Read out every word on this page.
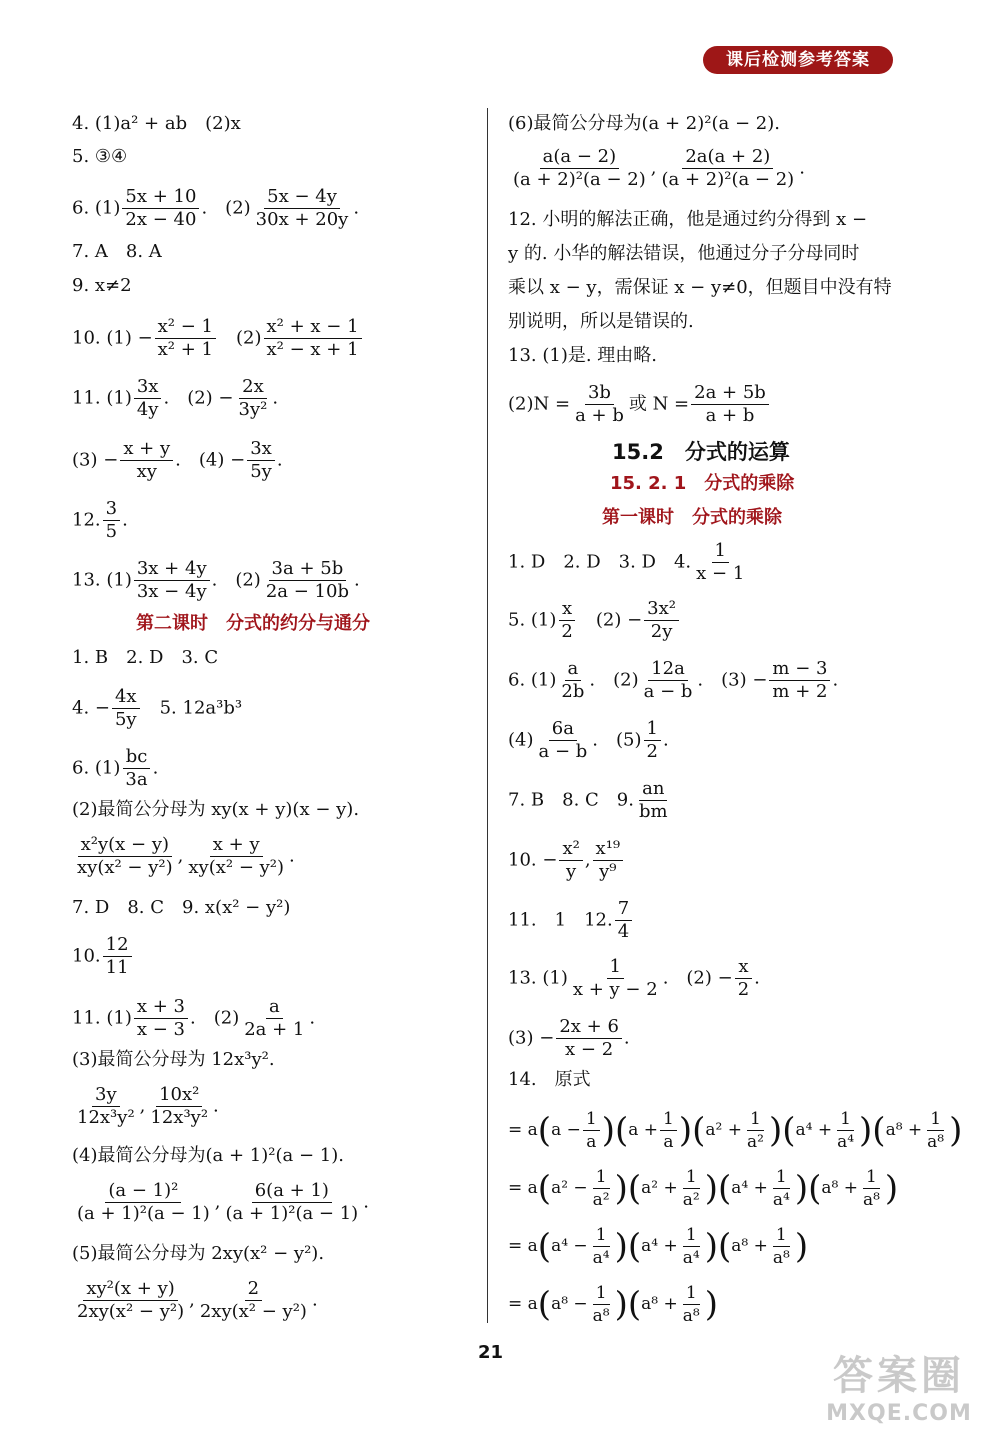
课后检测参考答案
4. (1)a² + ab　(2)x
5. ③④
6. $(1) \frac{5x + 10}{2x - 40}$ .　$(2) \frac{5x - 4y}{30x + 20y}$ .
7. A　8. A
9. x≠2
10. $(1) - \frac{\text{x² − 1}}{\text{x² + 1}}$ 　$(2) \frac{\text{x² + x − 1}}{\text{x² − x + 1}}$
11. $(1) \frac{3x}{4y}$ .　$(2) - \frac{2x}{\text{3y²}}$ .
$(3) - \frac{x + y}{xy}$ .　$(4) - \frac{3x}{5y}$ .
12. $\frac{3}{5}$ .
13. $(1) \frac{3x + 4y}{3x - 4y}$ .　$(2) \frac{3a + 5b}{2a - 10b}$ .
第二课时　分式的约分与通分
1. B　2. D　3. C
4. − $\frac{4x}{5y}$ 　5. 12a³b³
6. $(1) \frac{bc}{3a}$ .
(2)最简公分母为 xy(x + y)(x − y).
$\frac{\text{x²y(x − y)}}{\text{xy(x² − y²)}}$ , $\frac{x + y}{\text{xy(x² − y²)}}$ .
7. D　8. C　9. x(x² − y²)
10. $\frac{12}{11}$
11. $(1) \frac{x + 3}{x - 3}$ .　$(2) \frac{a}{2a + 1}$ .
(3)最简公分母为 12x³y².
$\frac{3y}{\text{12x³y²}}$ , $\frac{\text{10x²}}{\text{12x³y²}}$ .
(4)最简公分母为(a + 1)²(a − 1).
$\frac{\text{(a − 1)²}}{\text{(a + 1)²(a − 1)}}$ , $\frac{6(a + 1)}{\text{(a + 1)²(a − 1)}}$ .
(5)最简公分母为 2xy(x² − y²).
$\frac{\text{xy²(x + y)}}{\text{2xy(x² − y²)}}$ , $\frac{2}{\text{2xy(x² − y²)}}$ .
(6)最简公分母为(a + 2)²(a − 2).
$\frac{a(a - 2)}{\text{(a + 2)²(a − 2)}}$ , $\frac{2a(a + 2)}{\text{(a + 2)²(a − 2)}}$ .
12. 小明的解法正确，他是通过约分得到 x −
y 的. 小华的解法错误，他通过分子分母同时
乘以 x − y，需保证 x − y≠0，但题目中没有特
别说明，所以是错误的.
13. (1)是. 理由略.
$(2)N = \frac{3b}{a + b}$ 或 $N = \frac{2a + 5b}{a + b}$
15.2　分式的运算
15. 2. 1　分式的乘除
第一课时　分式的乘除
1. D　2. D　3. D　4. $\frac{1}{x - 1}$
5. $(1) \frac{x}{2}$ 　$(2) - \frac{\text{3x²}}{2y}$
6. $(1) \frac{a}{2b}$ .　$(2) \frac{12a}{a - b}$ .　$(3) - \frac{m - 3}{m + 2}$ .
$(4) \frac{6a}{a - b}$ .　$(5) \frac{1}{2}$ .
7. B　8. C　9. $\frac{an}{bm}$
10. − $\frac{\text{x²}}{y}$ , $\frac{\text{x¹⁹}}{\text{y⁹}}$
11.　1　12. $\frac{7}{4}$
13. $(1) \frac{1}{x + y - 2}$ .　$(2) - \frac{x}{2}$ .
$(3) - \frac{2x + 6}{x - 2}$ .
14.　原式
= $a(a - \frac{1}{a} )(a + \frac{1}{a} )(a^2 + \frac{1}{\text{a²}} )(a^4 + \frac{1}{\text{a⁴}} )(a^8 + \frac{1}{\text{a⁸}}$ )
= $a(a^2 - \frac{1}{\text{a²}} )(a^2 + \frac{1}{\text{a²}} )(a^4 + \frac{1}{\text{a⁴}} )(a^8 + \frac{1}{\text{a⁸}}$ )
= $a(a^4 - \frac{1}{\text{a⁴}} )(a^4 + \frac{1}{\text{a⁴}} )(a^8 + \frac{1}{\text{a⁸}}$ )
= $a(a^8 - \frac{1}{\text{a⁸}} )(a^8 + \frac{1}{\text{a⁸}}$ )
21
答案圈
MXQE.COM
